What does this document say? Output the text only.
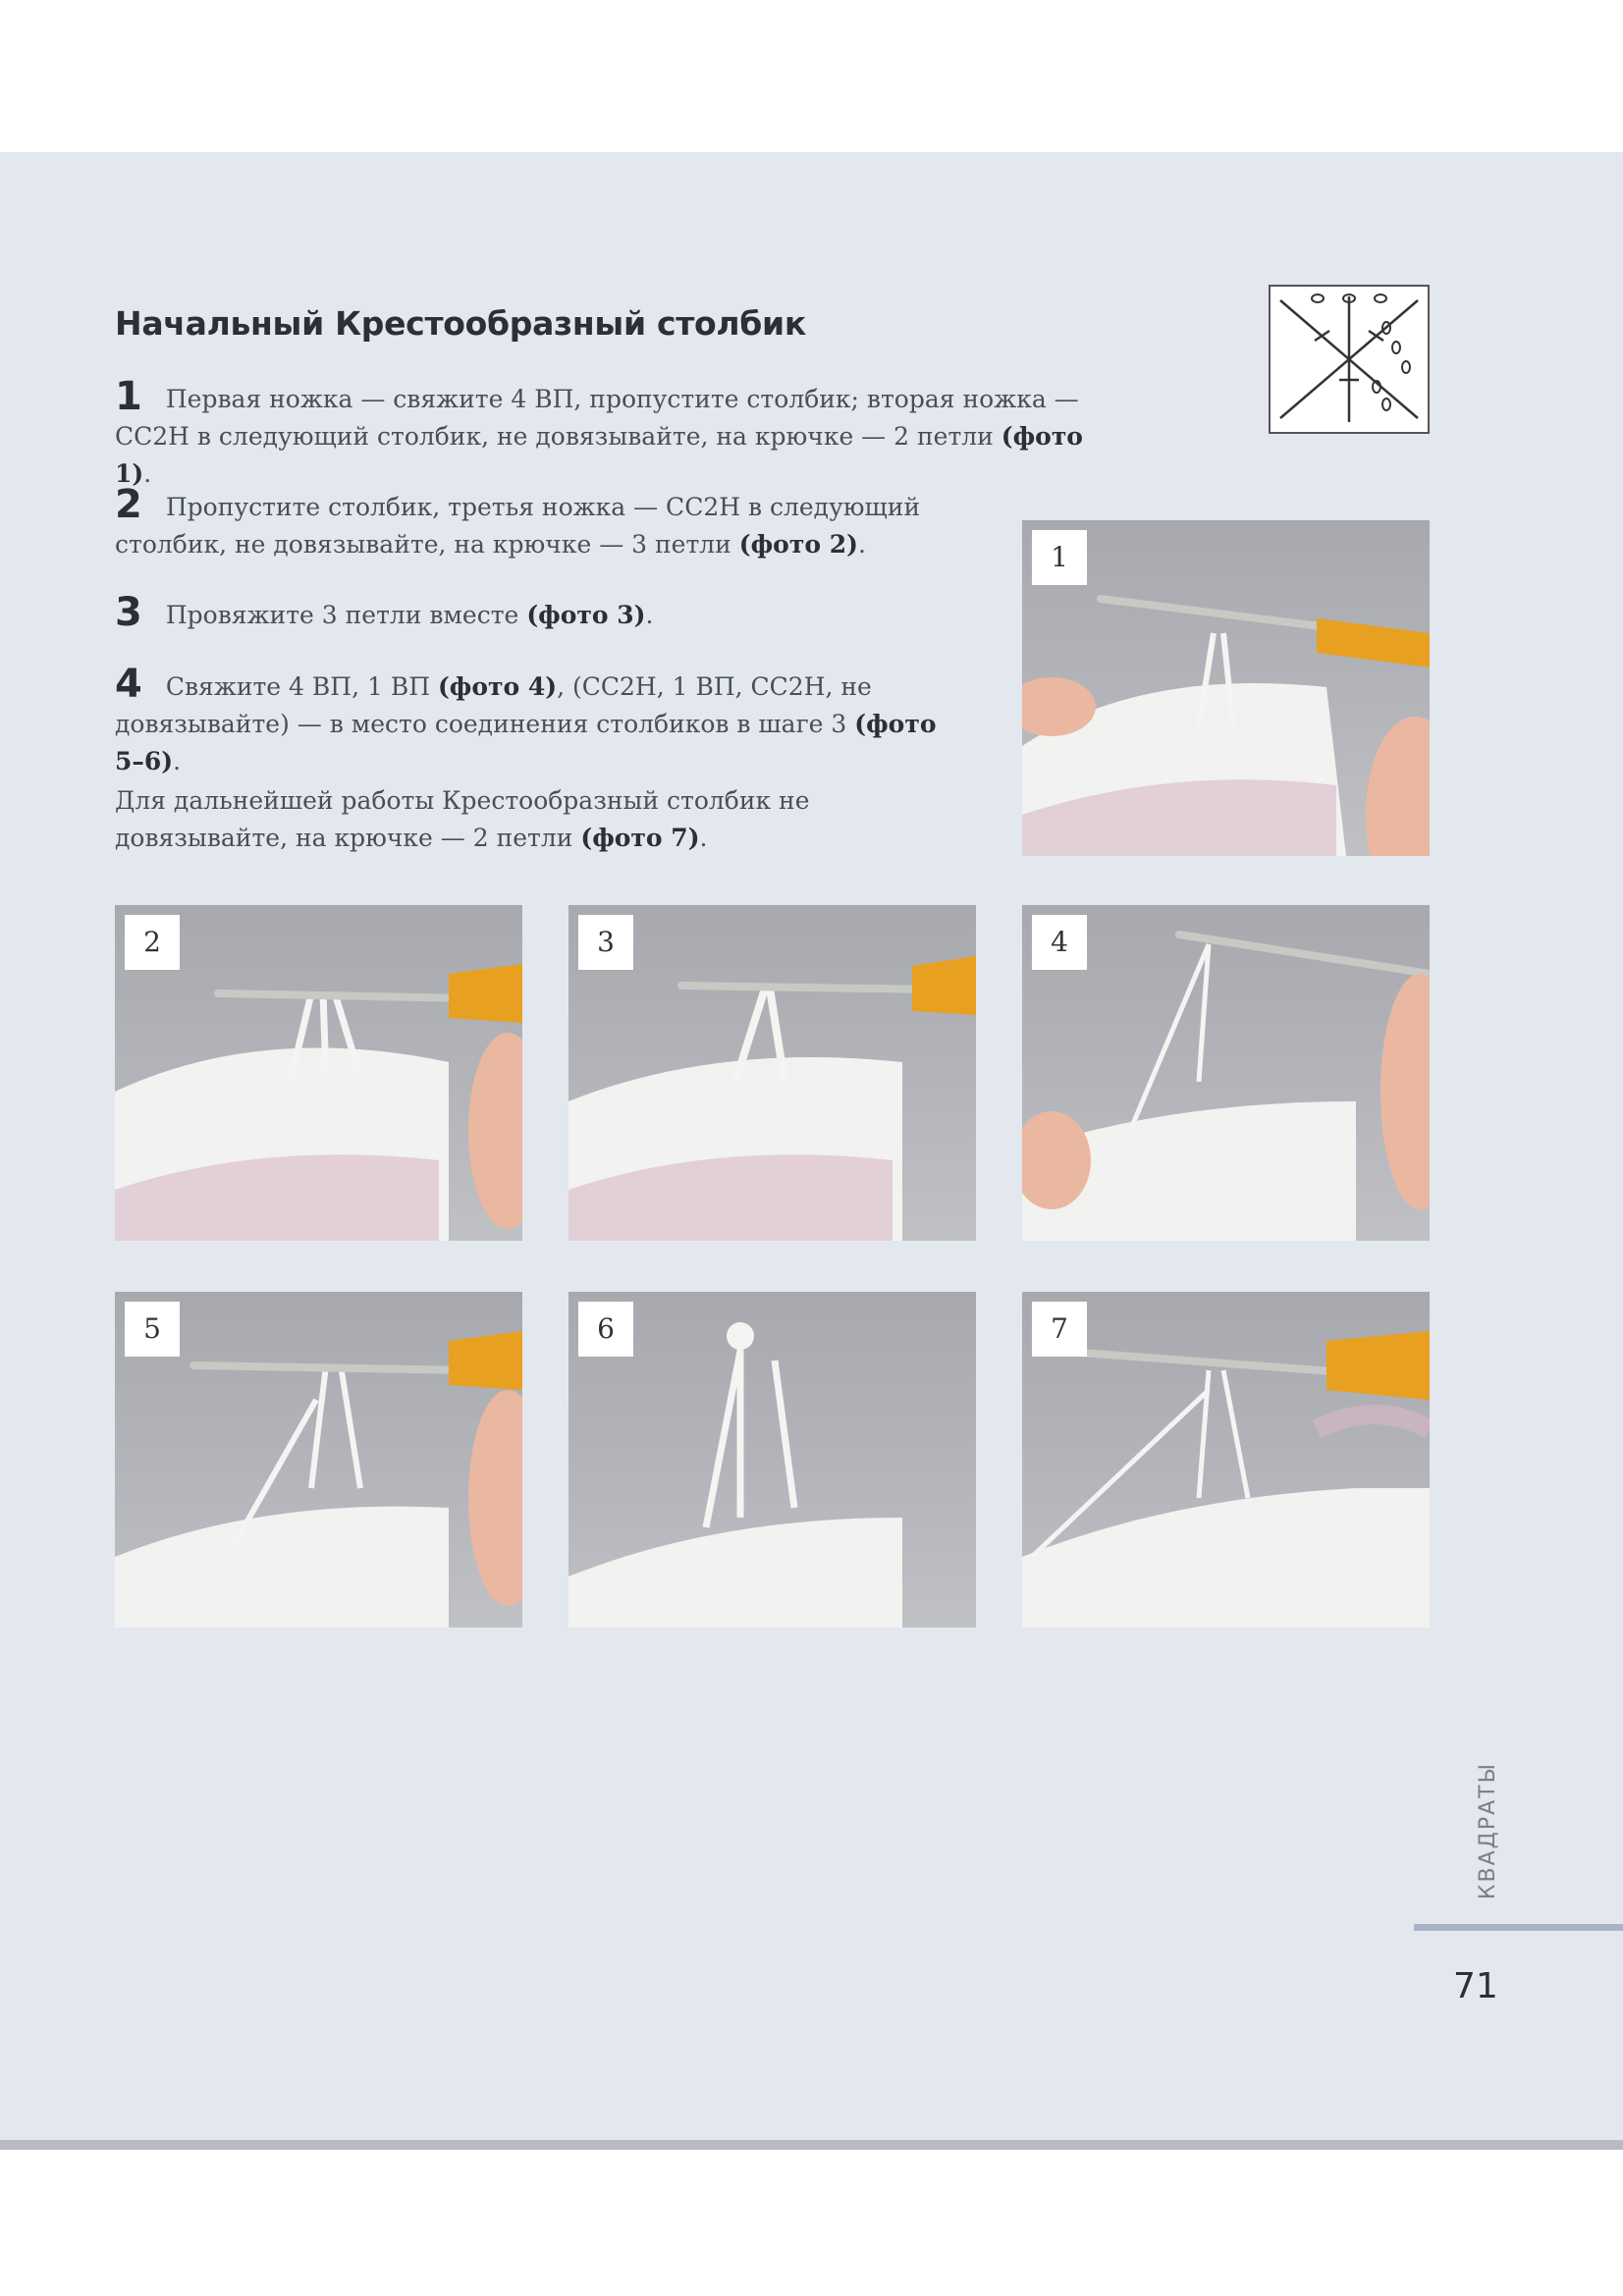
Начальный Крестообразный столбик
1 Первая ножка — свяжите 4 ВП, пропустите столбик; вторая ножка — СС2Н в следующий столбик, не довязывайте, на крючке — 2 петли (фото 1).
2 Пропустите столбик, третья ножка — СС2Н в следующий столбик, не довязывайте, на крючке — 3 петли (фото 2).
3 Провяжите 3 петли вместе (фото 3).
4 Свяжите 4 ВП, 1 ВП (фото 4), (СС2Н, 1 ВП, СС2Н, не довязывайте) — в место соединения столбиков в шаге 3 (фото 5–6).
Для дальнейшей работы Крестообразный столбик не довязывайте, на крючке — 2 петли (фото 7).
1
2	3	4
5	6	7
КВАДРАТЫ
71
